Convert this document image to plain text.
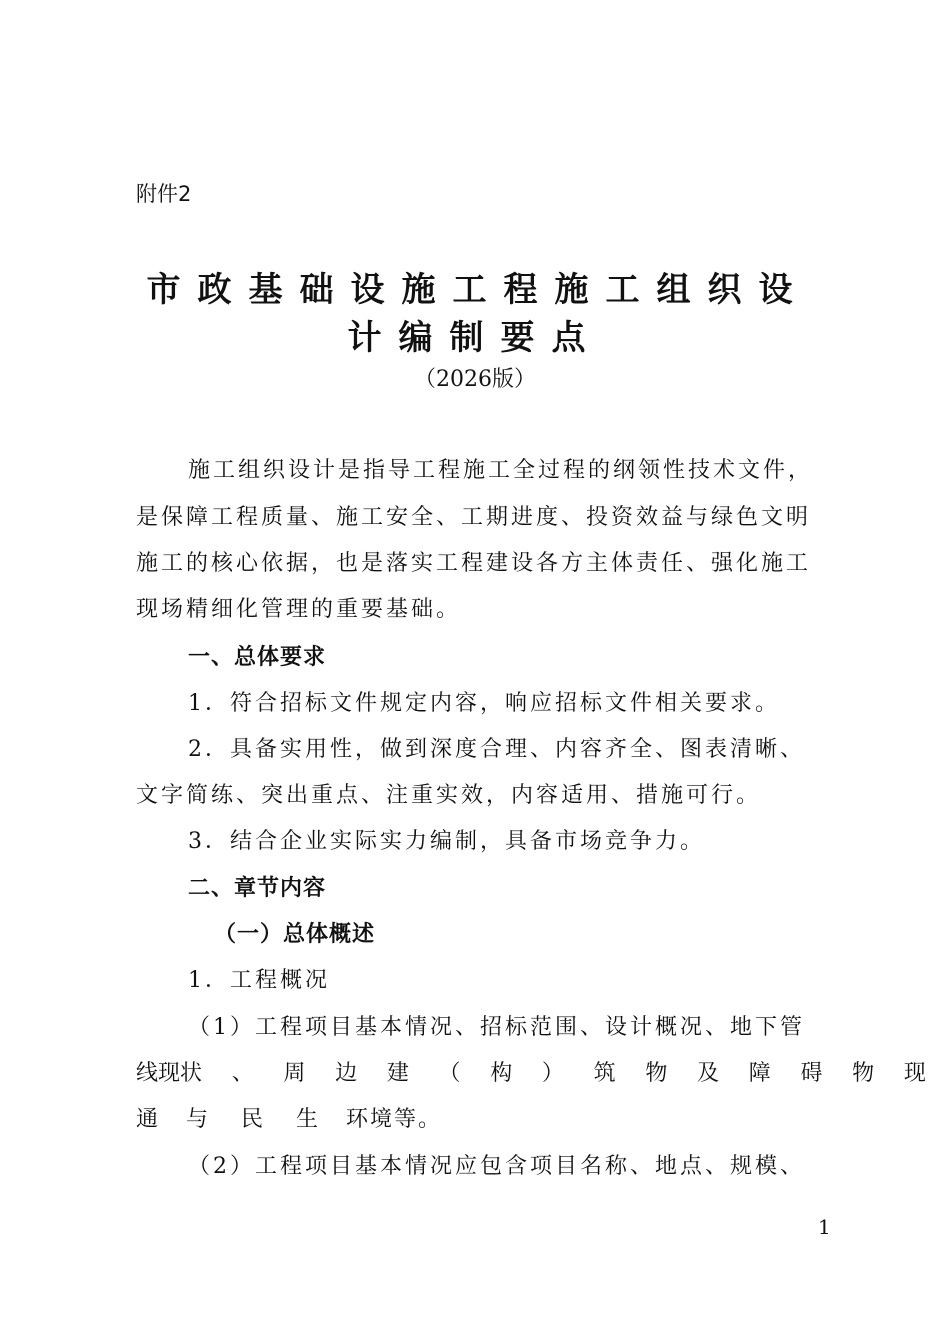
附件2
市政基础设施工程施工组织设
计编制要点
（2026版）
施工组织设计是指导工程施工全过程的纲领性技术文件，
是保障工程质量、施工安全、工期进度、投资效益与绿色文明
施工的核心依据，也是落实工程建设各方主体责任、强化施工
现场精细化管理的重要基础。
一、总体要求
1．符合招标文件规定内容，响应招标文件相关要求。
2．具备实用性，做到深度合理、内容齐全、图表清晰、
文字简练、突出重点、注重实效，内容适用、措施可行。
3．结合企业实际实力编制，具备市场竞争力。
二、章节内容
（一）总体概述
1．工程概况
（1）工程项目基本情况、招标范围、设计概况、地下管
线现状 、 周 边 建 （ 构 ） 筑 物 及 障 碍 物 现
通 与 民 生 环境等。
（2）工程项目基本情况应包含项目名称、地点、规模、
1
